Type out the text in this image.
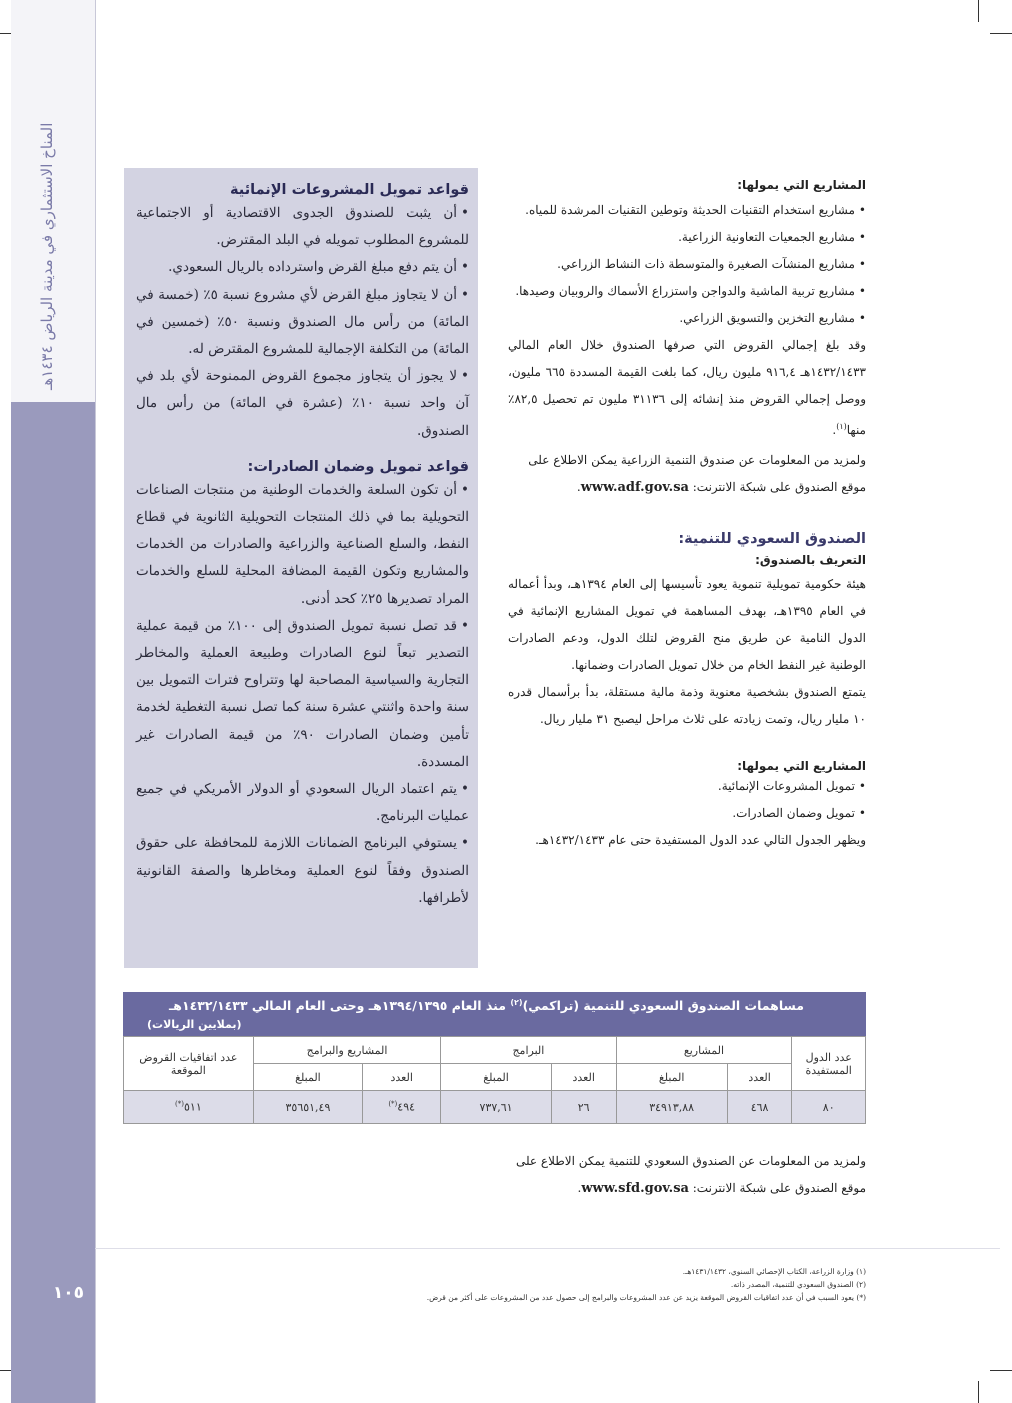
المناخ الاستثماري في مدينة الرياض ١٤٣٤هـ
١٠٥
المشاريع التي يمولها:
•مشاريع استخدام التقنيات الحديثة وتوطين التقنيات المرشدة للمياه.
•مشاريع الجمعيات التعاونية الزراعية.
•مشاريع المنشآت الصغيرة والمتوسطة ذات النشاط الزراعي.
•مشاريع تربية الماشية والدواجن واستزراع الأسماك والروبيان وصيدها.
•مشاريع التخزين والتسويق الزراعي.
وقد بلغ إجمالي القروض التي صرفها الصندوق خلال العام المالي ١٤٣٢/١٤٣٣هـ ٩١٦,٤ مليون ريال، كما بلغت القيمة المسددة ٦٦٥ مليون، ووصل إجمالي القروض منذ إنشائه إلى ٣١١٣٦ مليون تم تحصيل ٨٢,٥٪ منها$^{(١)}$.
ولمزيد من المعلومات عن صندوق التنمية الزراعية يمكن الاطلاع على موقع الصندوق على شبكة الانترنت: www.adf.gov.sa.
الصندوق السعودي للتنمية:
التعريف بالصندوق:
هيئة حكومية تمويلية تنموية يعود تأسيسها إلى العام ١٣٩٤هـ، وبدأ أعماله في العام ١٣٩٥هـ، بهدف المساهمة في تمويل المشاريع الإنمائية في الدول النامية عن طريق منح القروض لتلك الدول، ودعم الصادرات الوطنية غير النفط الخام من خلال تمويل الصادرات وضمانها.
يتمتع الصندوق بشخصية معنوية وذمة مالية مستقلة، بدأ برأسمال قدره ١٠ مليار ريال، وتمت زيادته على ثلاث مراحل ليصبح ٣١ مليار ريال.
المشاريع التي يمولها:
•تمويل المشروعات الإنمائية.
•تمويل وضمان الصادرات.
ويظهر الجدول التالي عدد الدول المستفيدة حتى عام ١٤٣٢/١٤٣٣هـ.
قواعد تمويل المشروعات الإنمائية
•أن يثبت للصندوق الجدوى الاقتصادية أو الاجتماعية للمشروع المطلوب تمويله في البلد المقترض.
•أن يتم دفع مبلغ القرض واسترداده بالريال السعودي.
•أن لا يتجاوز مبلغ القرض لأي مشروع نسبة ٥٪ (خمسة في المائة) من رأس مال الصندوق ونسبة ٥٠٪ (خمسين في المائة) من التكلفة الإجمالية للمشروع المقترض له.
•لا يجوز أن يتجاوز مجموع القروض الممنوحة لأي بلد في آن واحد نسبة ١٠٪ (عشرة في المائة) من رأس مال الصندوق.
قواعد تمويل وضمان الصادرات:
•أن تكون السلعة والخدمات الوطنية من منتجات الصناعات التحويلية بما في ذلك المنتجات التحويلية الثانوية في قطاع النفط، والسلع الصناعية والزراعية والصادرات من الخدمات والمشاريع وتكون القيمة المضافة المحلية للسلع والخدمات المراد تصديرها ٢٥٪ كحد أدنى.
•قد تصل نسبة تمويل الصندوق إلى ١٠٠٪ من قيمة عملية التصدير تبعاً لنوع الصادرات وطبيعة العملية والمخاطر التجارية والسياسية المصاحبة لها وتتراوح فترات التمويل بين سنة واحدة واثنتي عشرة سنة كما تصل نسبة التغطية لخدمة تأمين وضمان الصادرات ٩٠٪ من قيمة الصادرات غير المسددة.
•يتم اعتماد الريال السعودي أو الدولار الأمريكي في جميع عمليات البرنامج.
•يستوفي البرنامج الضمانات اللازمة للمحافظة على حقوق الصندوق وفقاً لنوع العملية ومخاطرها والصفة القانونية لأطرافها.
مساهمات الصندوق السعودي للتنمية (تراكمي)$^{(٢)}$ منذ العام ١٣٩٤/١٣٩٥هـ وحتى العام المالي ١٤٣٢/١٤٣٣هـ
(بملايين الريالات)
عدد الدول المستفيدة	المشاريع		البرامج		المشاريع والبرامج		عدد اتفاقيات القروض الموقعة
	العدد	المبلغ	العدد	المبلغ	العدد	المبلغ	
٨٠	٤٦٨	٣٤٩١٣,٨٨	٢٦	٧٣٧,٦١	٤٩٤(*)	٣٥٦٥١,٤٩	٥١١(*)
ولمزيد من المعلومات عن الصندوق السعودي للتنمية يمكن الاطلاع على موقع الصندوق على شبكة الانترنت: www.sfd.gov.sa.
(١) وزارة الزراعة، الكتاب الإحصائي السنوي، ١٤٣١/١٤٣٢هـ.
(٢) الصندوق السعودي للتنمية، المصدر ذاته.
(*) يعود السبب في أن عدد اتفاقيات القروض الموقعة يزيد عن عدد المشروعات والبرامج إلى حصول عدد من المشروعات على أكثر من قرض.
